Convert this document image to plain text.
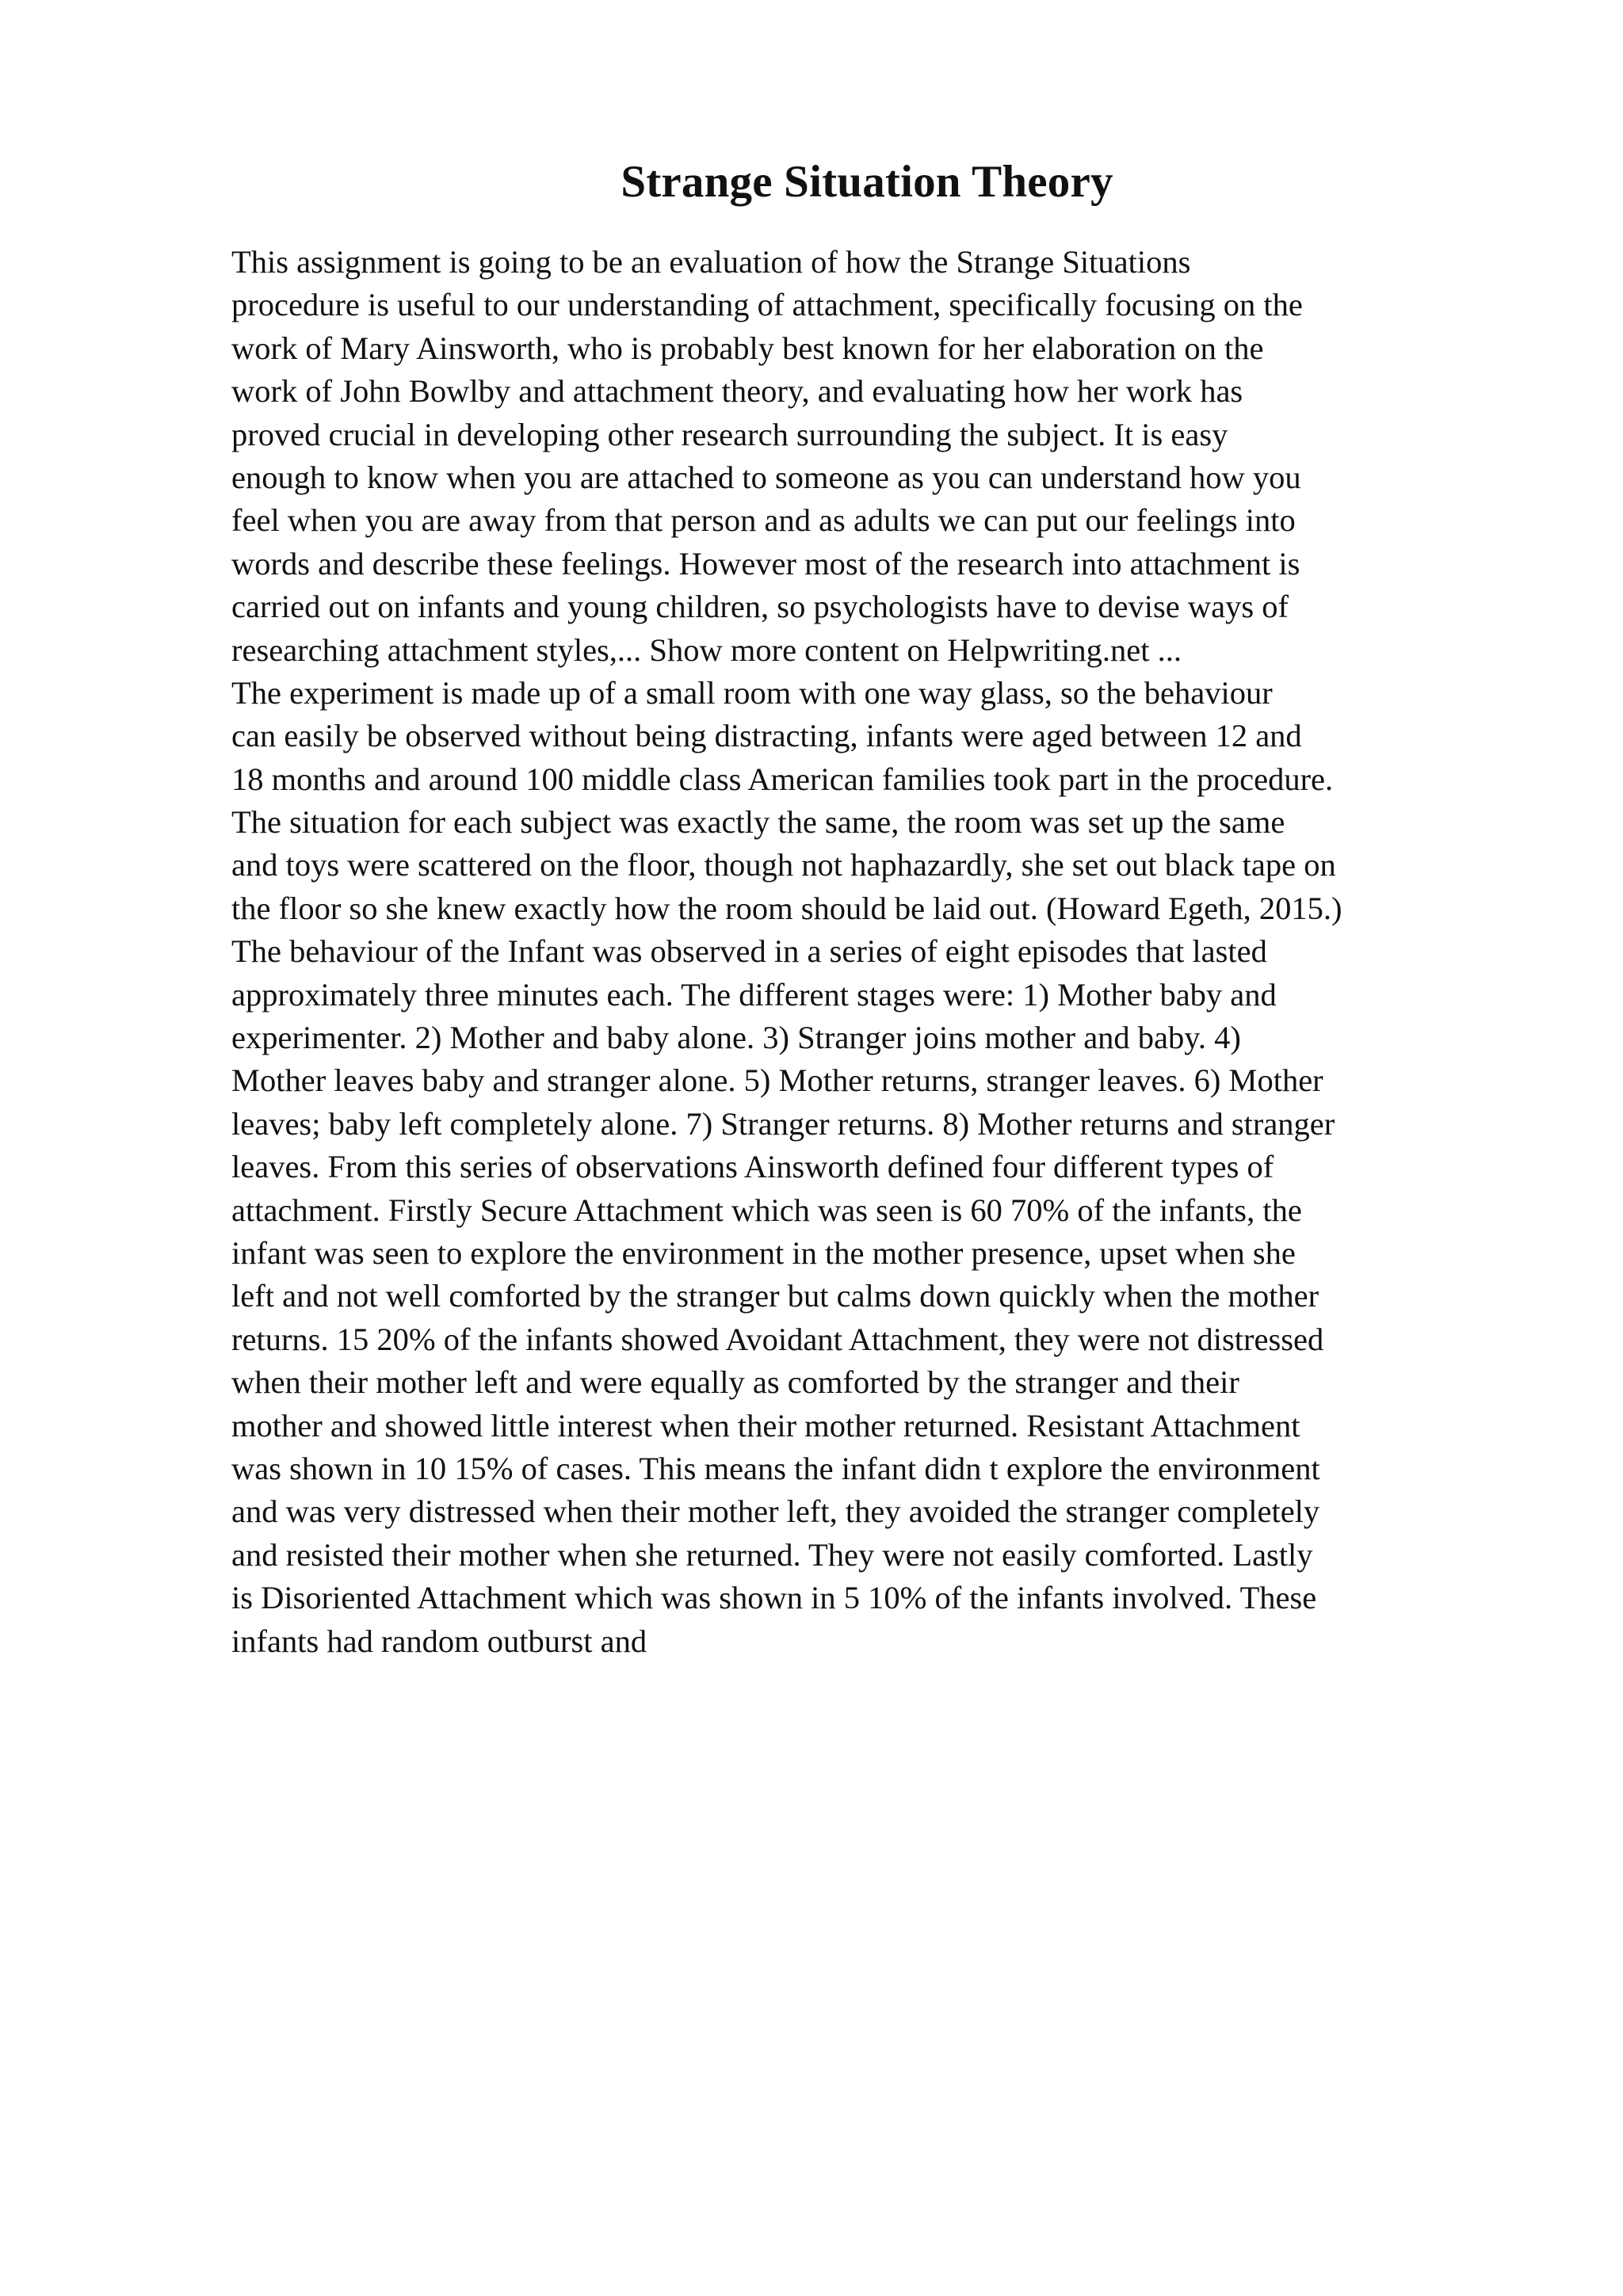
Strange Situation Theory
This assignment is going to be an evaluation of how the Strange Situations
procedure is useful to our understanding of attachment, specifically focusing on the
work of Mary Ainsworth, who is probably best known for her elaboration on the
work of John Bowlby and attachment theory, and evaluating how her work has
proved crucial in developing other research surrounding the subject. It is easy
enough to know when you are attached to someone as you can understand how you
feel when you are away from that person and as adults we can put our feelings into
words and describe these feelings. However most of the research into attachment is
carried out on infants and young children, so psychologists have to devise ways of
researching attachment styles,... Show more content on Helpwriting.net ...
The experiment is made up of a small room with one way glass, so the behaviour
can easily be observed without being distracting, infants were aged between 12 and
18 months and around 100 middle class American families took part in the procedure.
The situation for each subject was exactly the same, the room was set up the same
and toys were scattered on the floor, though not haphazardly, she set out black tape on
the floor so she knew exactly how the room should be laid out. (Howard Egeth, 2015.)
The behaviour of the Infant was observed in a series of eight episodes that lasted
approximately three minutes each. The different stages were: 1) Mother baby and
experimenter. 2) Mother and baby alone. 3) Stranger joins mother and baby. 4)
Mother leaves baby and stranger alone. 5) Mother returns, stranger leaves. 6) Mother
leaves; baby left completely alone. 7) Stranger returns. 8) Mother returns and stranger
leaves. From this series of observations Ainsworth defined four different types of
attachment. Firstly Secure Attachment which was seen is 60 70% of the infants, the
infant was seen to explore the environment in the mother presence, upset when she
left and not well comforted by the stranger but calms down quickly when the mother
returns. 15 20% of the infants showed Avoidant Attachment, they were not distressed
when their mother left and were equally as comforted by the stranger and their
mother and showed little interest when their mother returned. Resistant Attachment
was shown in 10 15% of cases. This means the infant didn t explore the environment
and was very distressed when their mother left, they avoided the stranger completely
and resisted their mother when she returned. They were not easily comforted. Lastly
is Disoriented Attachment which was shown in 5 10% of the infants involved. These
infants had random outburst and
